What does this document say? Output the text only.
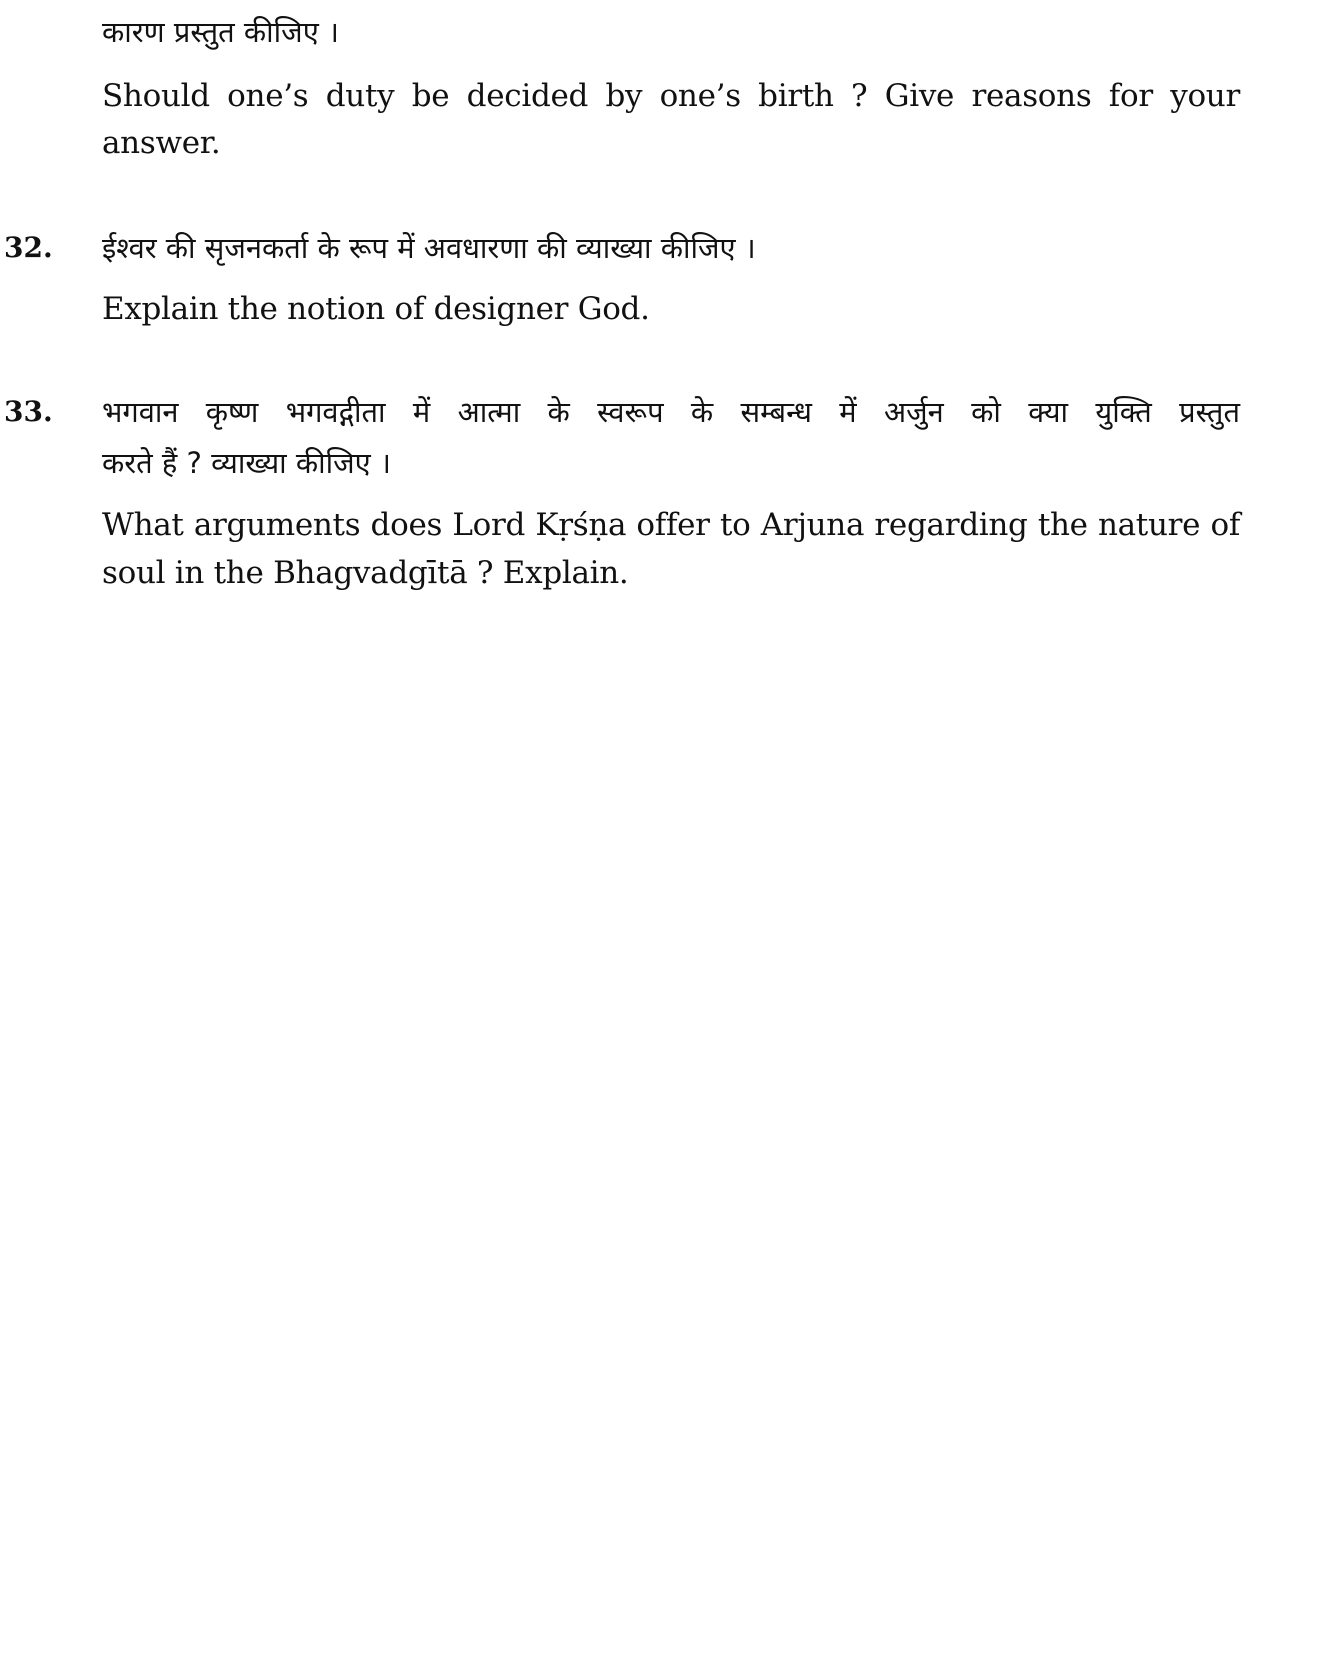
कारण प्रस्तुत कीजिए ।
Should one’s duty be decided by one’s birth ? Give reasons for your
answer.
32. ईश्वर की सृजनकर्ता के रूप में अवधारणा की व्याख्या कीजिए ।
Explain the notion of designer God.
33. भगवान कृष्ण भगवद्गीता में आत्मा के स्वरूप के सम्बन्ध में अर्जुन को क्या युक्ति प्रस्तुत
करते हैं ? व्याख्या कीजिए ।
What arguments does Lord Kṛśṇa offer to Arjuna regarding the nature of
soul in the Bhagvadgītā ? Explain.
